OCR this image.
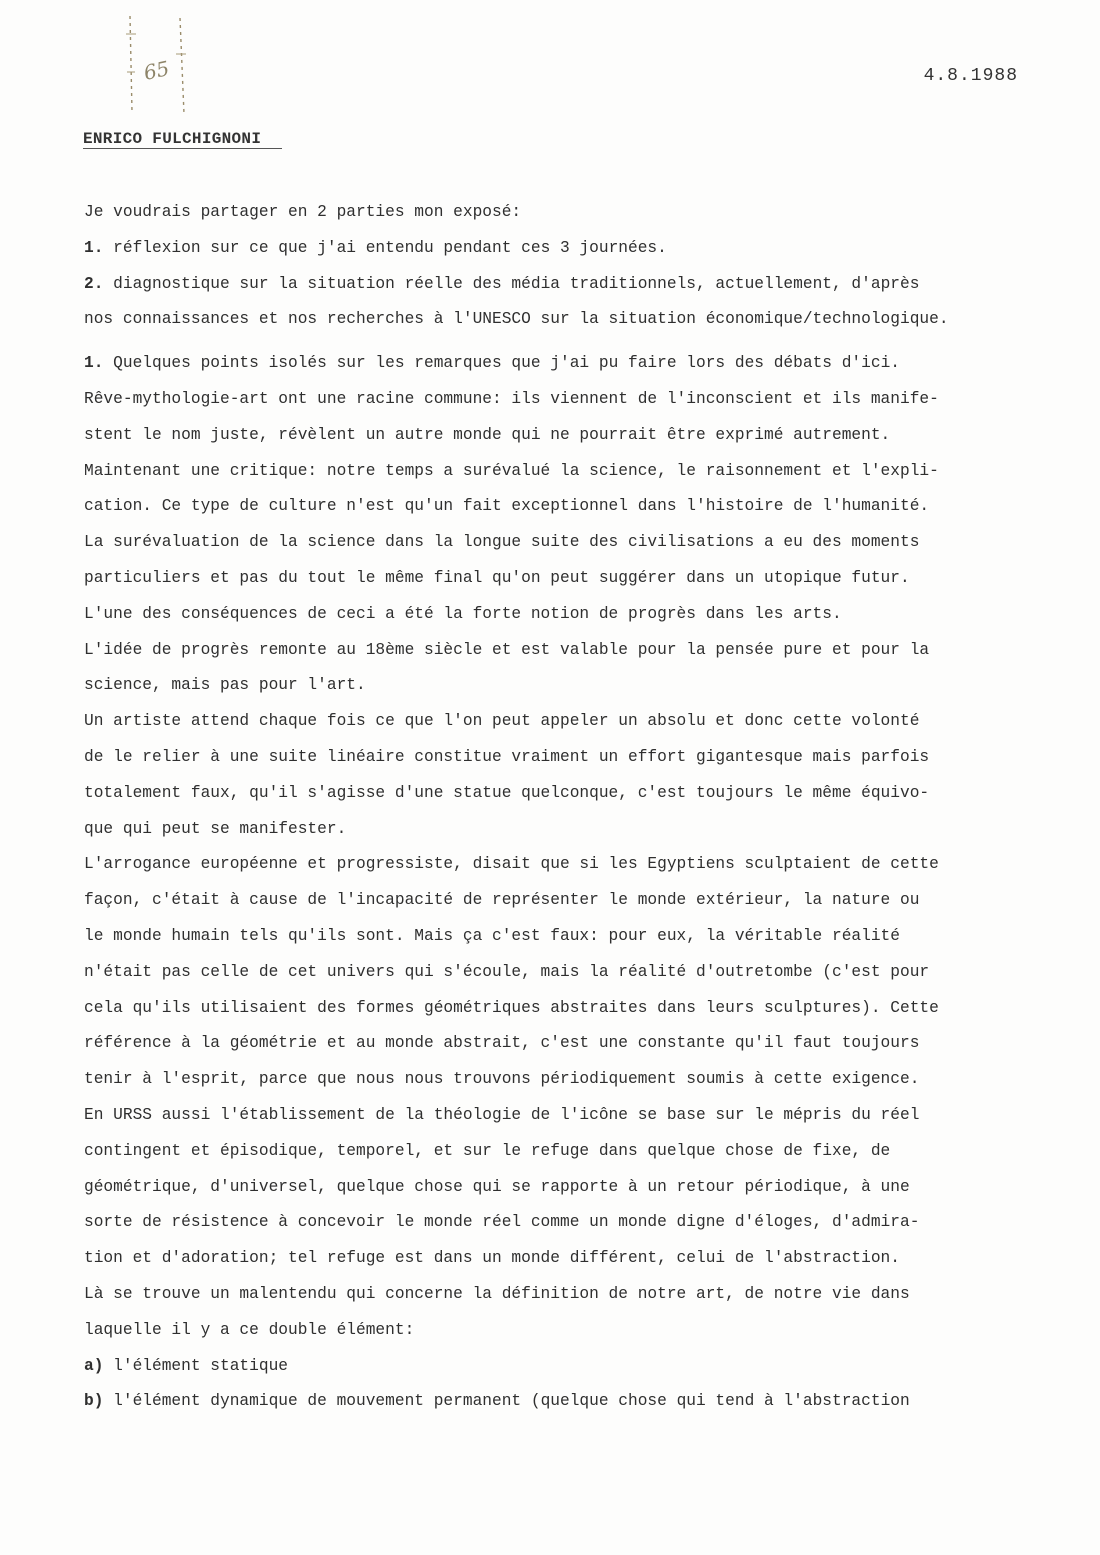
65	4.8.1988
ENRICO FULCHIGNONI
Je voudrais partager en 2 parties mon exposé:
1. réflexion sur ce que j'ai entendu pendant ces 3 journées.
2. diagnostique sur la situation réelle des média traditionnels, actuellement, d'après
nos connaissances et nos recherches à l'UNESCO sur la situation économique/technologique.
1. Quelques points isolés sur les remarques que j'ai pu faire lors des débats d'ici.
Rêve-mythologie-art ont une racine commune: ils viennent de l'inconscient et ils manife-
stent le nom juste, révèlent un autre monde qui ne pourrait être exprimé autrement.
Maintenant une critique: notre temps a surévalué la science, le raisonnement et l'expli-
cation. Ce type de culture n'est qu'un fait exceptionnel dans l'histoire de l'humanité.
La surévaluation de la science dans la longue suite des civilisations a eu des moments
particuliers et pas du tout le même final qu'on peut suggérer dans un utopique futur.
L'une des conséquences de ceci a été la forte notion de progrès dans les arts.
L'idée de progrès remonte au 18ème siècle et est valable pour la pensée pure et pour la
science, mais pas pour l'art.
Un artiste attend chaque fois ce que l'on peut appeler un absolu et donc cette volonté
de le relier à une suite linéaire constitue vraiment un effort gigantesque mais parfois
totalement faux, qu'il s'agisse d'une statue quelconque, c'est toujours le même équivo-
que qui peut se manifester.
L'arrogance européenne et progressiste, disait que si les Egyptiens sculptaient de cette
façon, c'était à cause de l'incapacité de représenter le monde extérieur, la nature ou
le monde humain tels qu'ils sont. Mais ça c'est faux: pour eux, la véritable réalité
n'était pas celle de cet univers qui s'écoule, mais la réalité d'outretombe (c'est pour
cela qu'ils utilisaient des formes géométriques abstraites dans leurs sculptures). Cette
référence à la géométrie et au monde abstrait, c'est une constante qu'il faut toujours
tenir à l'esprit, parce que nous nous trouvons périodiquement soumis à cette exigence.
En URSS aussi l'établissement de la théologie de l'icône se base sur le mépris du réel
contingent et épisodique, temporel, et sur le refuge dans quelque chose de fixe, de
géométrique, d'universel, quelque chose qui se rapporte à un retour périodique, à une
sorte de résistence à concevoir le monde réel comme un monde digne d'éloges, d'admira-
tion et d'adoration; tel refuge est dans un monde différent, celui de l'abstraction.
Là se trouve un malentendu qui concerne la définition de notre art, de notre vie dans
laquelle il y a ce double élément:
a) l'élément statique
b) l'élément dynamique de mouvement permanent (quelque chose qui tend à l'abstraction
